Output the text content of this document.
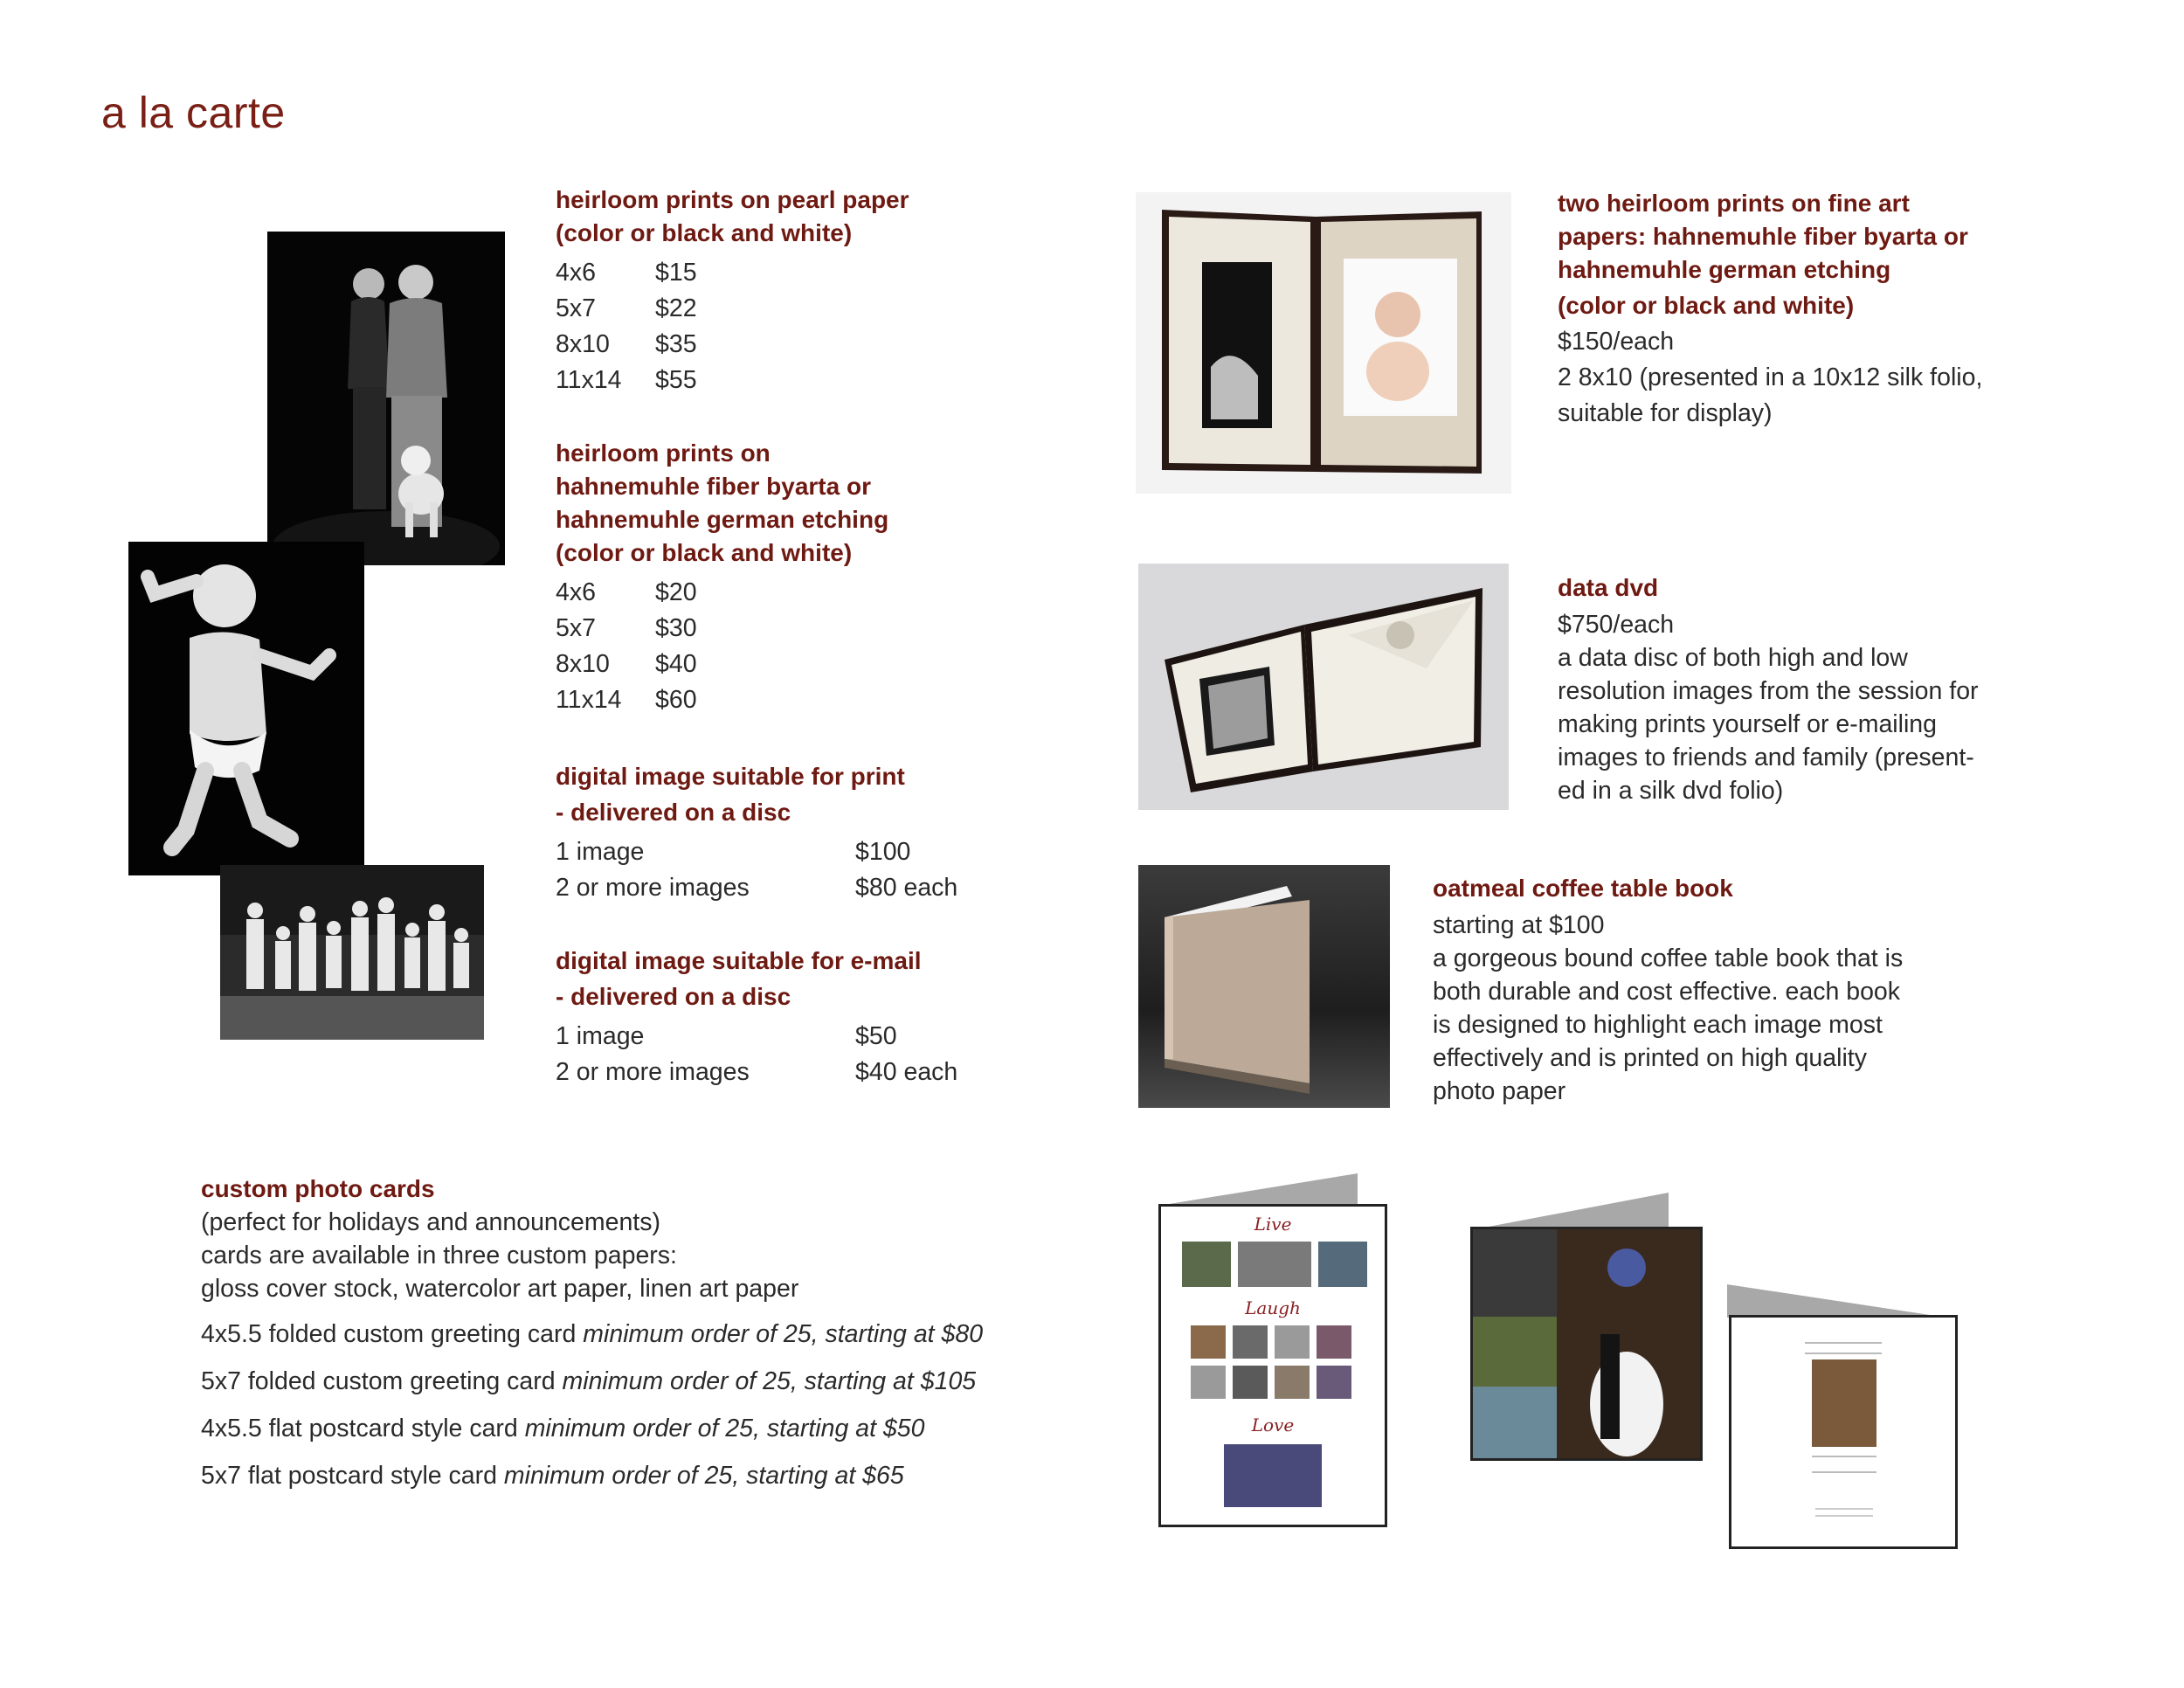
a la carte
heirloom prints on pearl paper
(color or black and white)
4x6	$15
5x7	$22
8x10	$35
11x14	$55
heirloom prints on
hahnemuhle fiber byarta or
hahnemuhle german etching
(color or black and white)
4x6	$20
5x7	$30
8x10	$40
11x14	$60
digital image suitable for print
- delivered on a disc
1 image	$100
2 or more images	$80 each
digital image suitable for e-mail
- delivered on a disc
1 image	$50
2 or more images	$40 each
two heirloom prints on fine art
papers: hahnemuhle fiber byarta or
hahnemuhle german etching
(color or black and white)
$150/each
2 8x10 (presented in a 10x12 silk folio,
suitable for display)
data dvd
$750/each
a data disc of both high and low
resolution images from the session for
making prints yourself or e-mailing
images to friends and family (present-
ed in a silk dvd folio)
oatmeal coffee table book
starting at $100
a gorgeous bound coffee table book that is
both durable and cost effective. each book
is designed to highlight each image most
effectively and is printed on high quality
photo paper
custom photo cards
(perfect for holidays and announcements)
cards are available in three custom papers:
gloss cover stock, watercolor art paper, linen art paper
4x5.5 folded custom greeting card minimum order of 25, starting at $80
5x7 folded custom greeting card minimum order of 25, starting at $105
4x5.5 flat postcard style card minimum order of 25, starting at $50
5x7 flat postcard style card minimum order of 25, starting at $65
Live
Laugh
Love
